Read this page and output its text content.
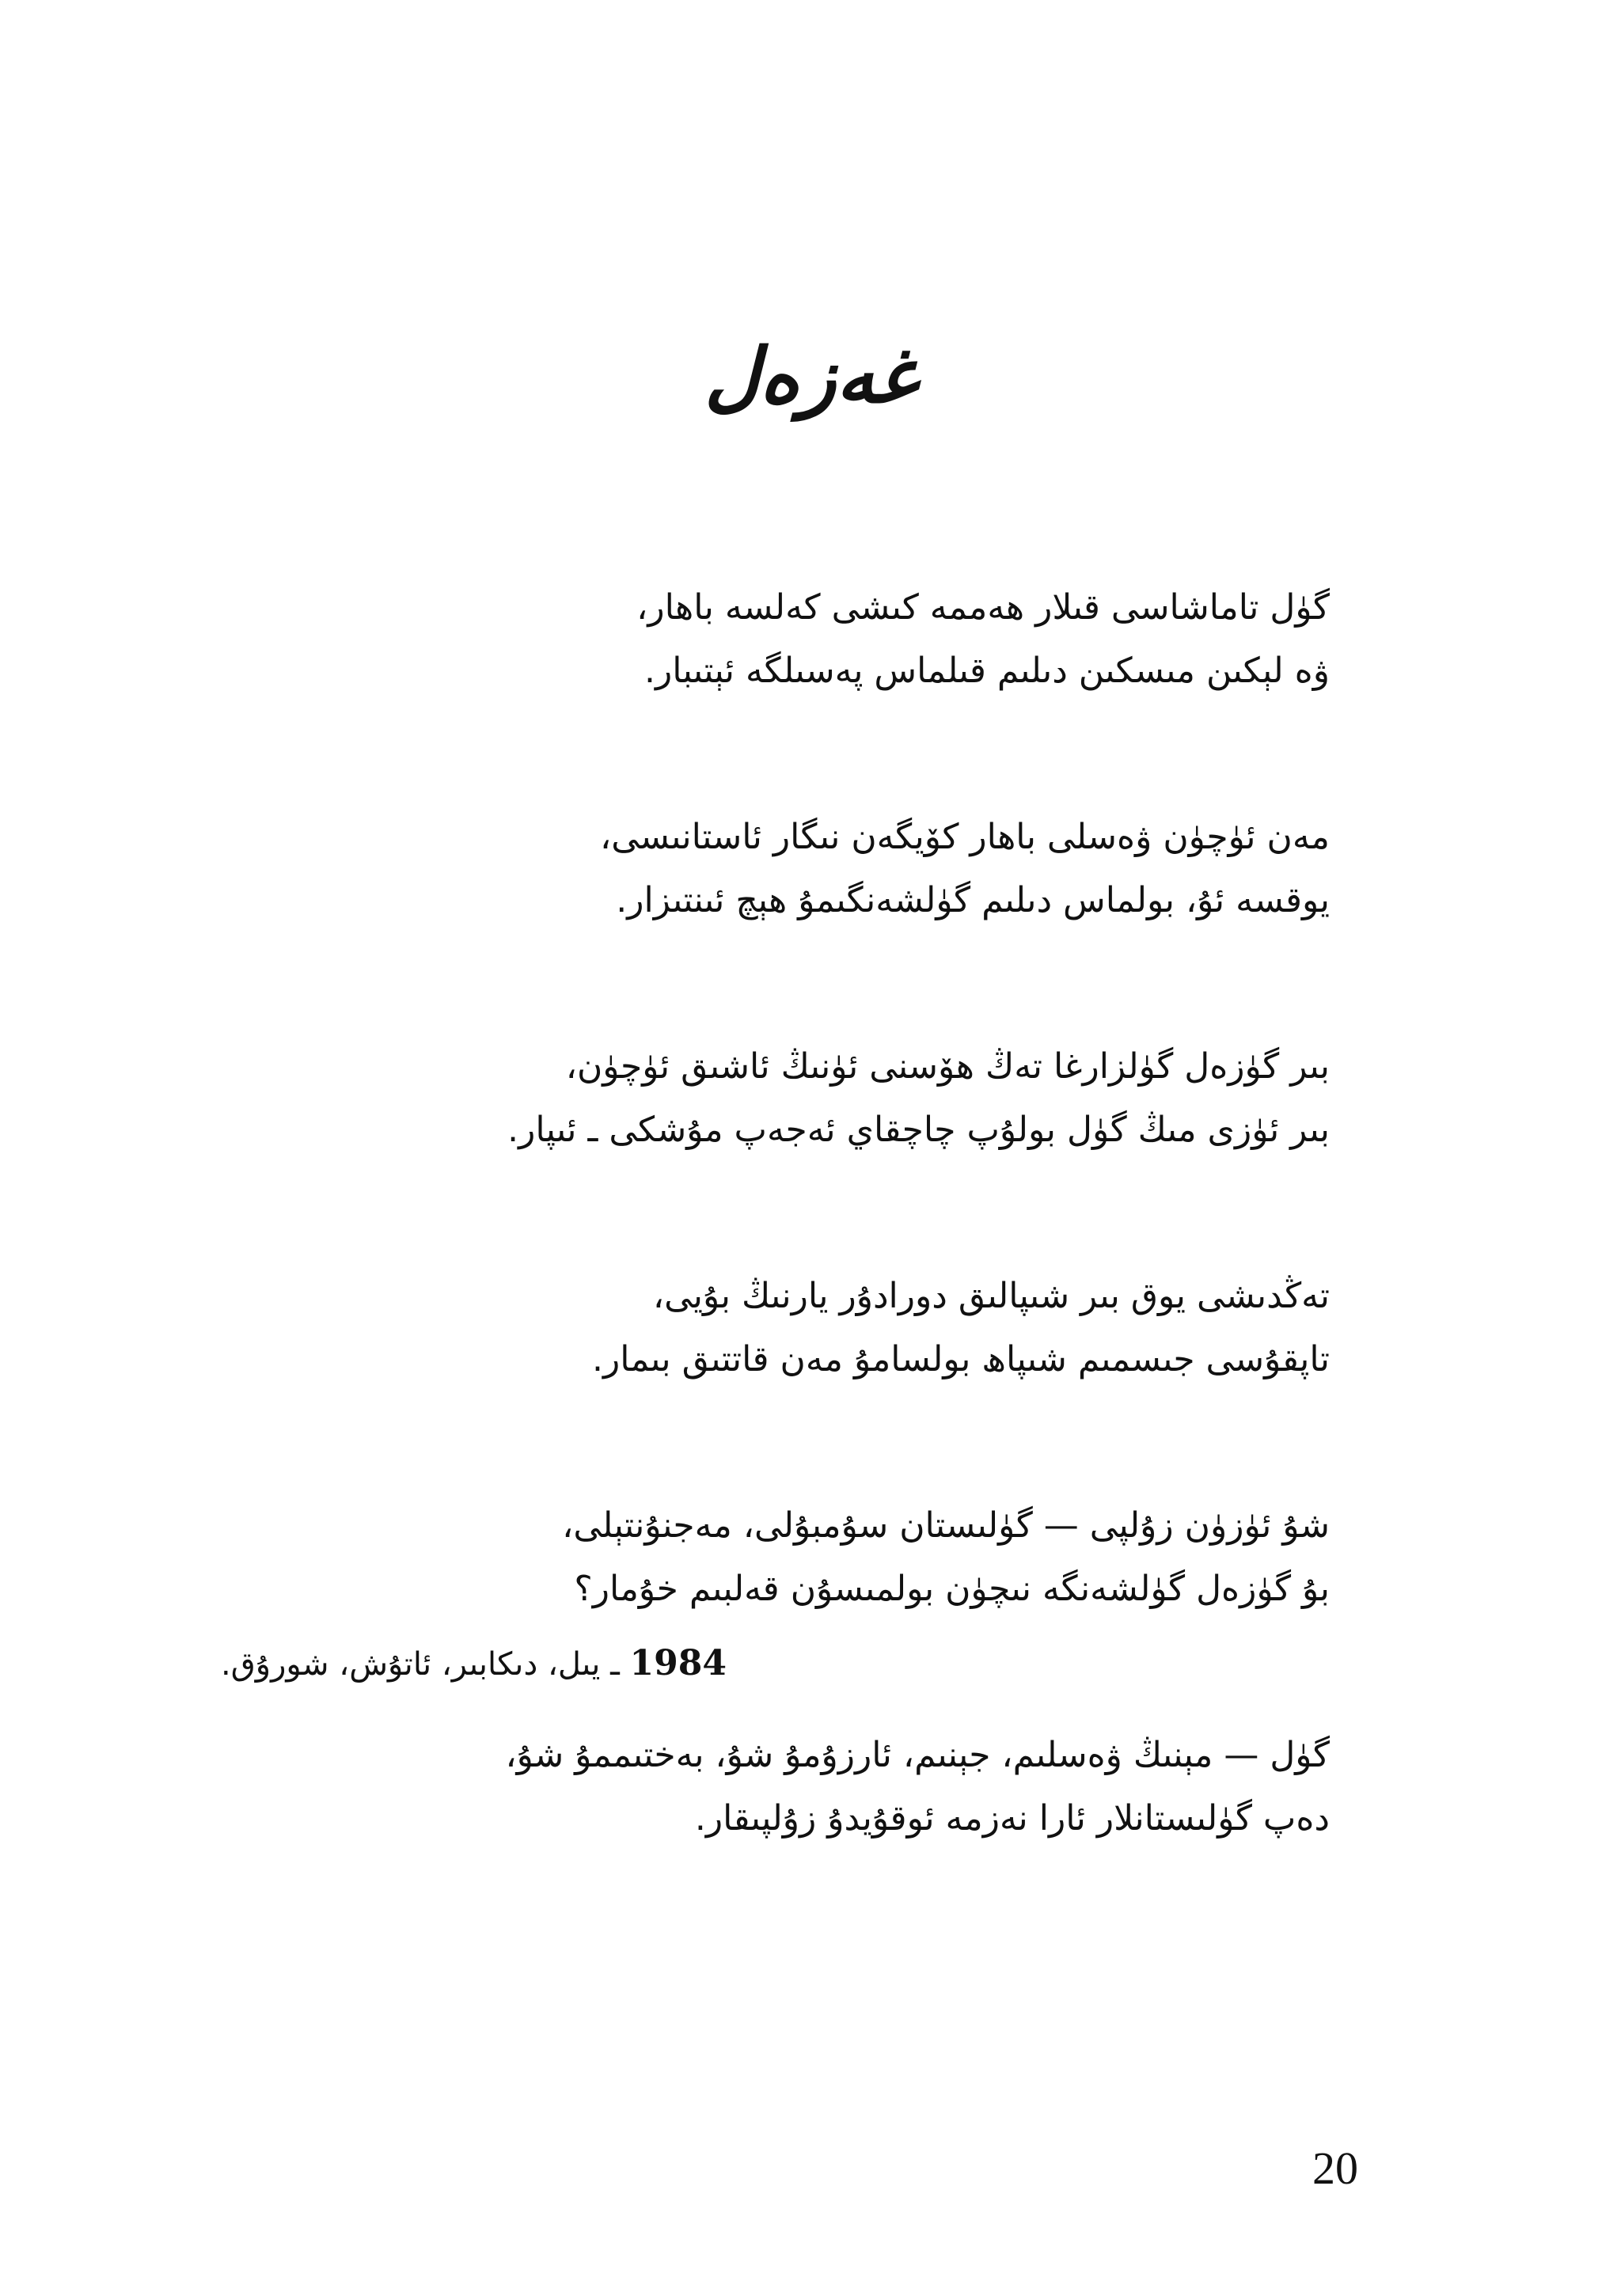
غەزەل
گۈل تاماشاسى قىلار ھەممە كىشى كەلسە باھار،
ۋە لېكىن مىسكىن دىلىم قىلماس پەسىلگە ئېتىبار.
مەن ئۈچۈن ۋەسلى باھار كۆيگەن نىگار ئاستانىسى،
يوقسە ئۇ، بولماس دىلىم گۈلشەنگىمۇ ھېچ ئىنتىزار.
بىر گۈزەل گۈلزارغا تەڭ ھۆسنى ئۈنىڭ ئاشىق ئۈچۈن،
بىر ئۈزى مىڭ گۈل بولۇپ چاچقاي ئەجەپ مۇشكى ـ ئىپار.
تەڭدىشى يوق بىر شىپالىق دورادۇر يارنىڭ بۇيى،
تاپقۇسى جىسمىم شىپاھ بولسامۇ مەن قاتتىق بىمار.
شۇ ئۈزۈن زۇلپى — گۈلىستان سۇمبۇلى، مەجنۇنتېلى،
بۇ گۈزەل گۈلشەنگە نىچۈن بولمىسۇن قەلبىم خۇمار؟
گۈل — مېنىڭ ۋەسلىم، جېنىم، ئارزۇمۇ شۇ، بەختىممۇ شۇ،
دەپ گۈلىستانلار ئارا نەزمە ئوقۇيدۇ زۇلپىقار.
1984 ـ يىل، دىكابىر، ئاتۇش، شورۇق.
20
